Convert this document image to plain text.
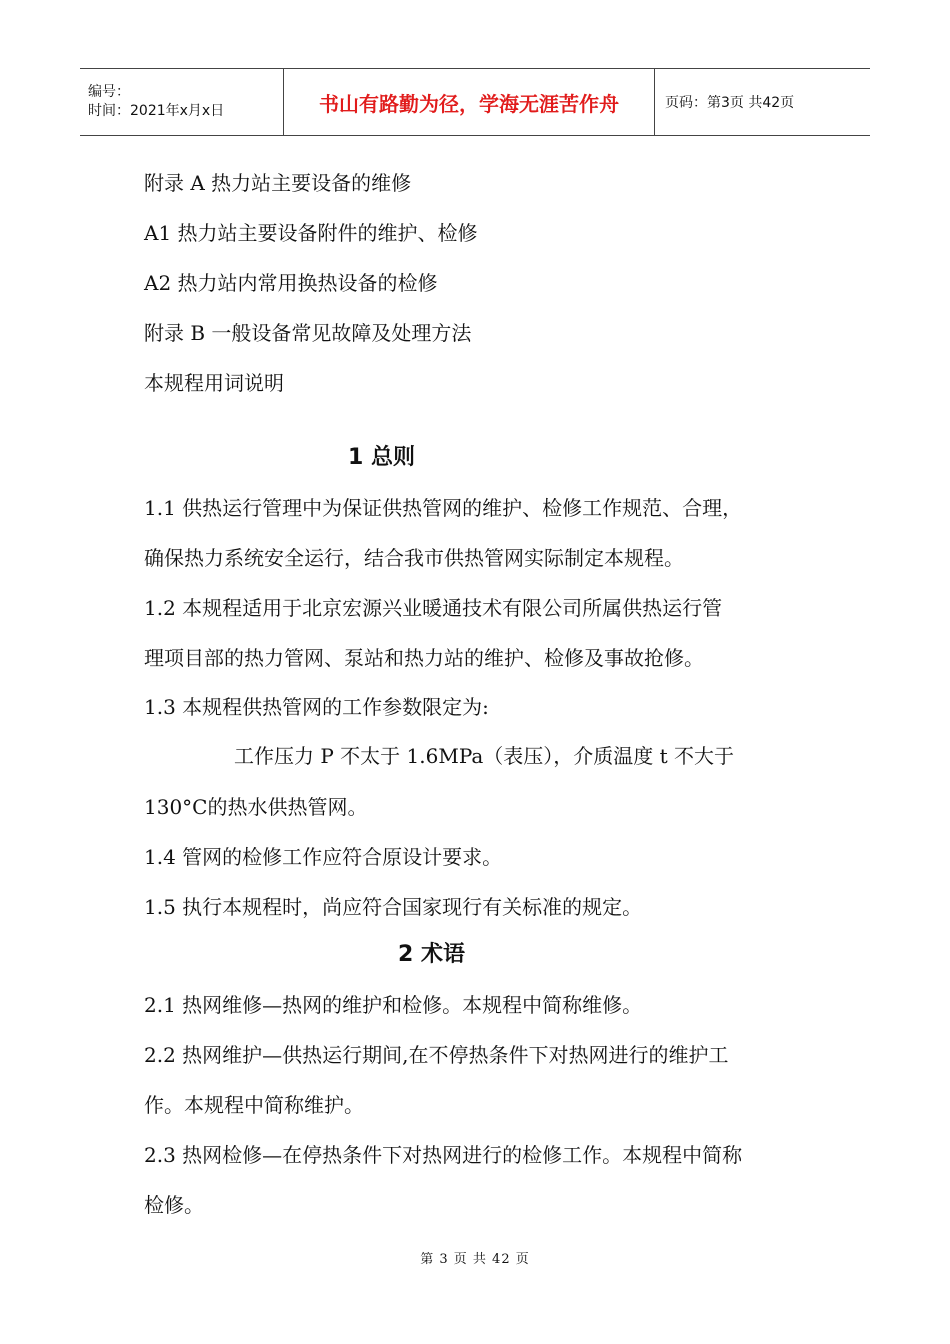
编号：
时间：2021年x月x日	书山有路勤为径，学海无涯苦作舟	页码：第3页 共42页
附录 A 热力站主要设备的维修
A1 热力站主要设备附件的维护、检修
A2 热力站内常用换热设备的检修
附录 B 一般设备常见故障及处理方法
本规程用词说明
1 总则
1.1 供热运行管理中为保证供热管网的维护、检修工作规范、合理，
确保热力系统安全运行，结合我市供热管网实际制定本规程。
1.2 本规程适用于北京宏源兴业暖通技术有限公司所属供热运行管
理项目部的热力管网、泵站和热力站的维护、检修及事故抢修。
1.3 本规程供热管网的工作参数限定为:
工作压力 P 不太于 1.6MPa（表压），介质温度 t 不大于
130°C的热水供热管网。
1.4 管网的检修工作应符合原设计要求。
1.5 执行本规程时，尚应符合国家现行有关标准的规定。
2 术语
2.1 热网维修—热网的维护和检修。本规程中简称维修。
2.2 热网维护—供热运行期间,在不停热条件下对热网进行的维护工
作。本规程中简称维护。
2.3 热网检修—在停热条件下对热网进行的检修工作。本规程中简称
检修。
第 3 页 共 42 页
